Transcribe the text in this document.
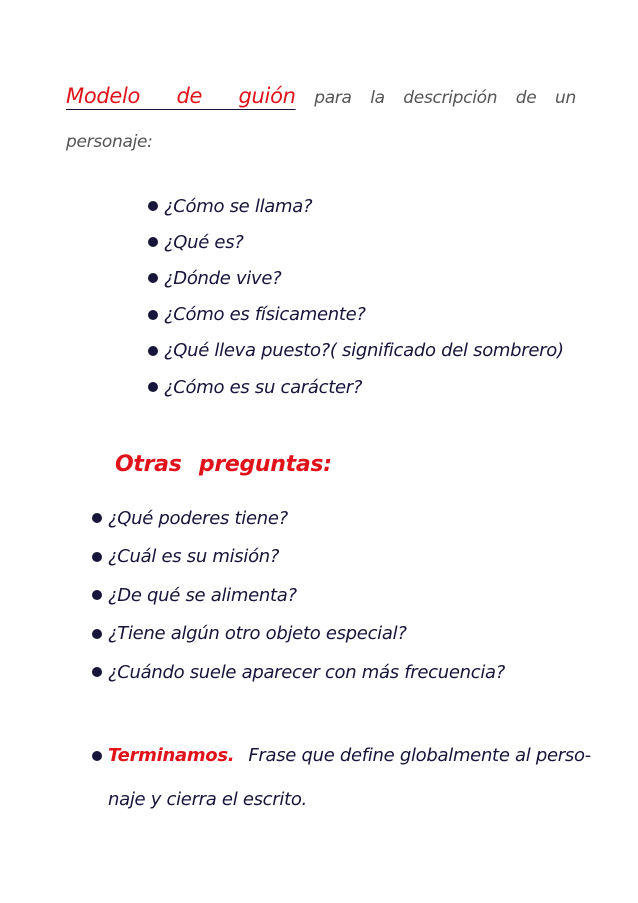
Modelo de guión para la descripción de un
personaje:
¿Cómo se llama?
¿Qué es?
¿Dónde vive?
¿Cómo es físicamente?
¿Qué lleva puesto?( significado del sombrero)
¿Cómo es su carácter?
Otras preguntas:
¿Qué poderes tiene?
¿Cuál es su misión?
¿De qué se alimenta?
¿Tiene algún otro objeto especial?
¿Cuándo suele aparecer con más frecuencia?
Terminamos. Frase que define globalmente al perso-
naje y cierra el escrito.
